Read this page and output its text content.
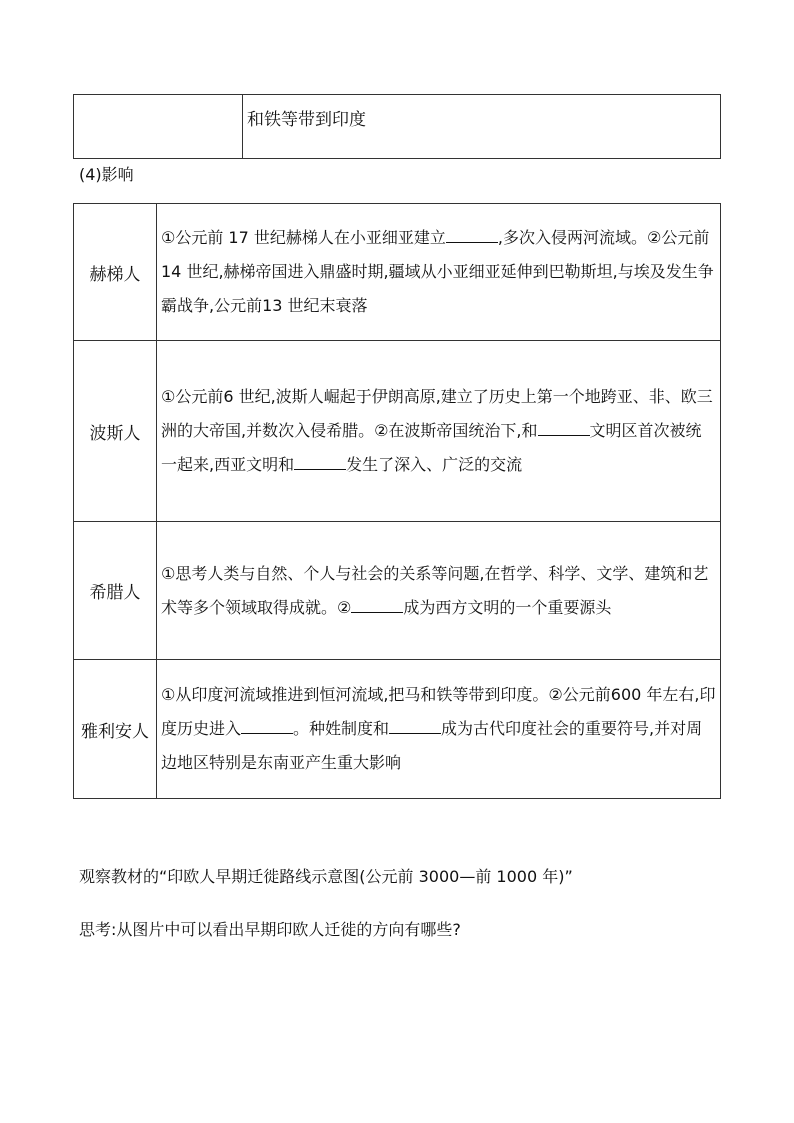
	和铁等带到印度
(4)影响
赫梯人	①公元前 17 世纪赫梯人在小亚细亚建立 ,多次入侵两河流域。②公元前14 世纪,赫梯帝国进入鼎盛时期,疆域从小亚细亚延伸到巴勒斯坦,与埃及发生争霸战争,公元前13 世纪末衰落
波斯人	①公元前6 世纪,波斯人崛起于伊朗高原,建立了历史上第一个地跨亚、非、欧三洲的大帝国,并数次入侵希腊。②在波斯帝国统治下,和 文明区首次被统一起来,西亚文明和 发生了深入、广泛的交流
希腊人	①思考人类与自然、个人与社会的关系等问题,在哲学、科学、文学、建筑和艺术等多个领域取得成就。② 成为西方文明的一个重要源头
雅利安人	①从印度河流域推进到恒河流域,把马和铁等带到印度。②公元前600 年左右,印度历史进入 。种姓制度和 成为古代印度社会的重要符号,并对周边地区特别是东南亚产生重大影响
观察教材的“印欧人早期迁徙路线示意图(公元前 3000—前 1000 年)”
思考:从图片中可以看出早期印欧人迁徙的方向有哪些?
